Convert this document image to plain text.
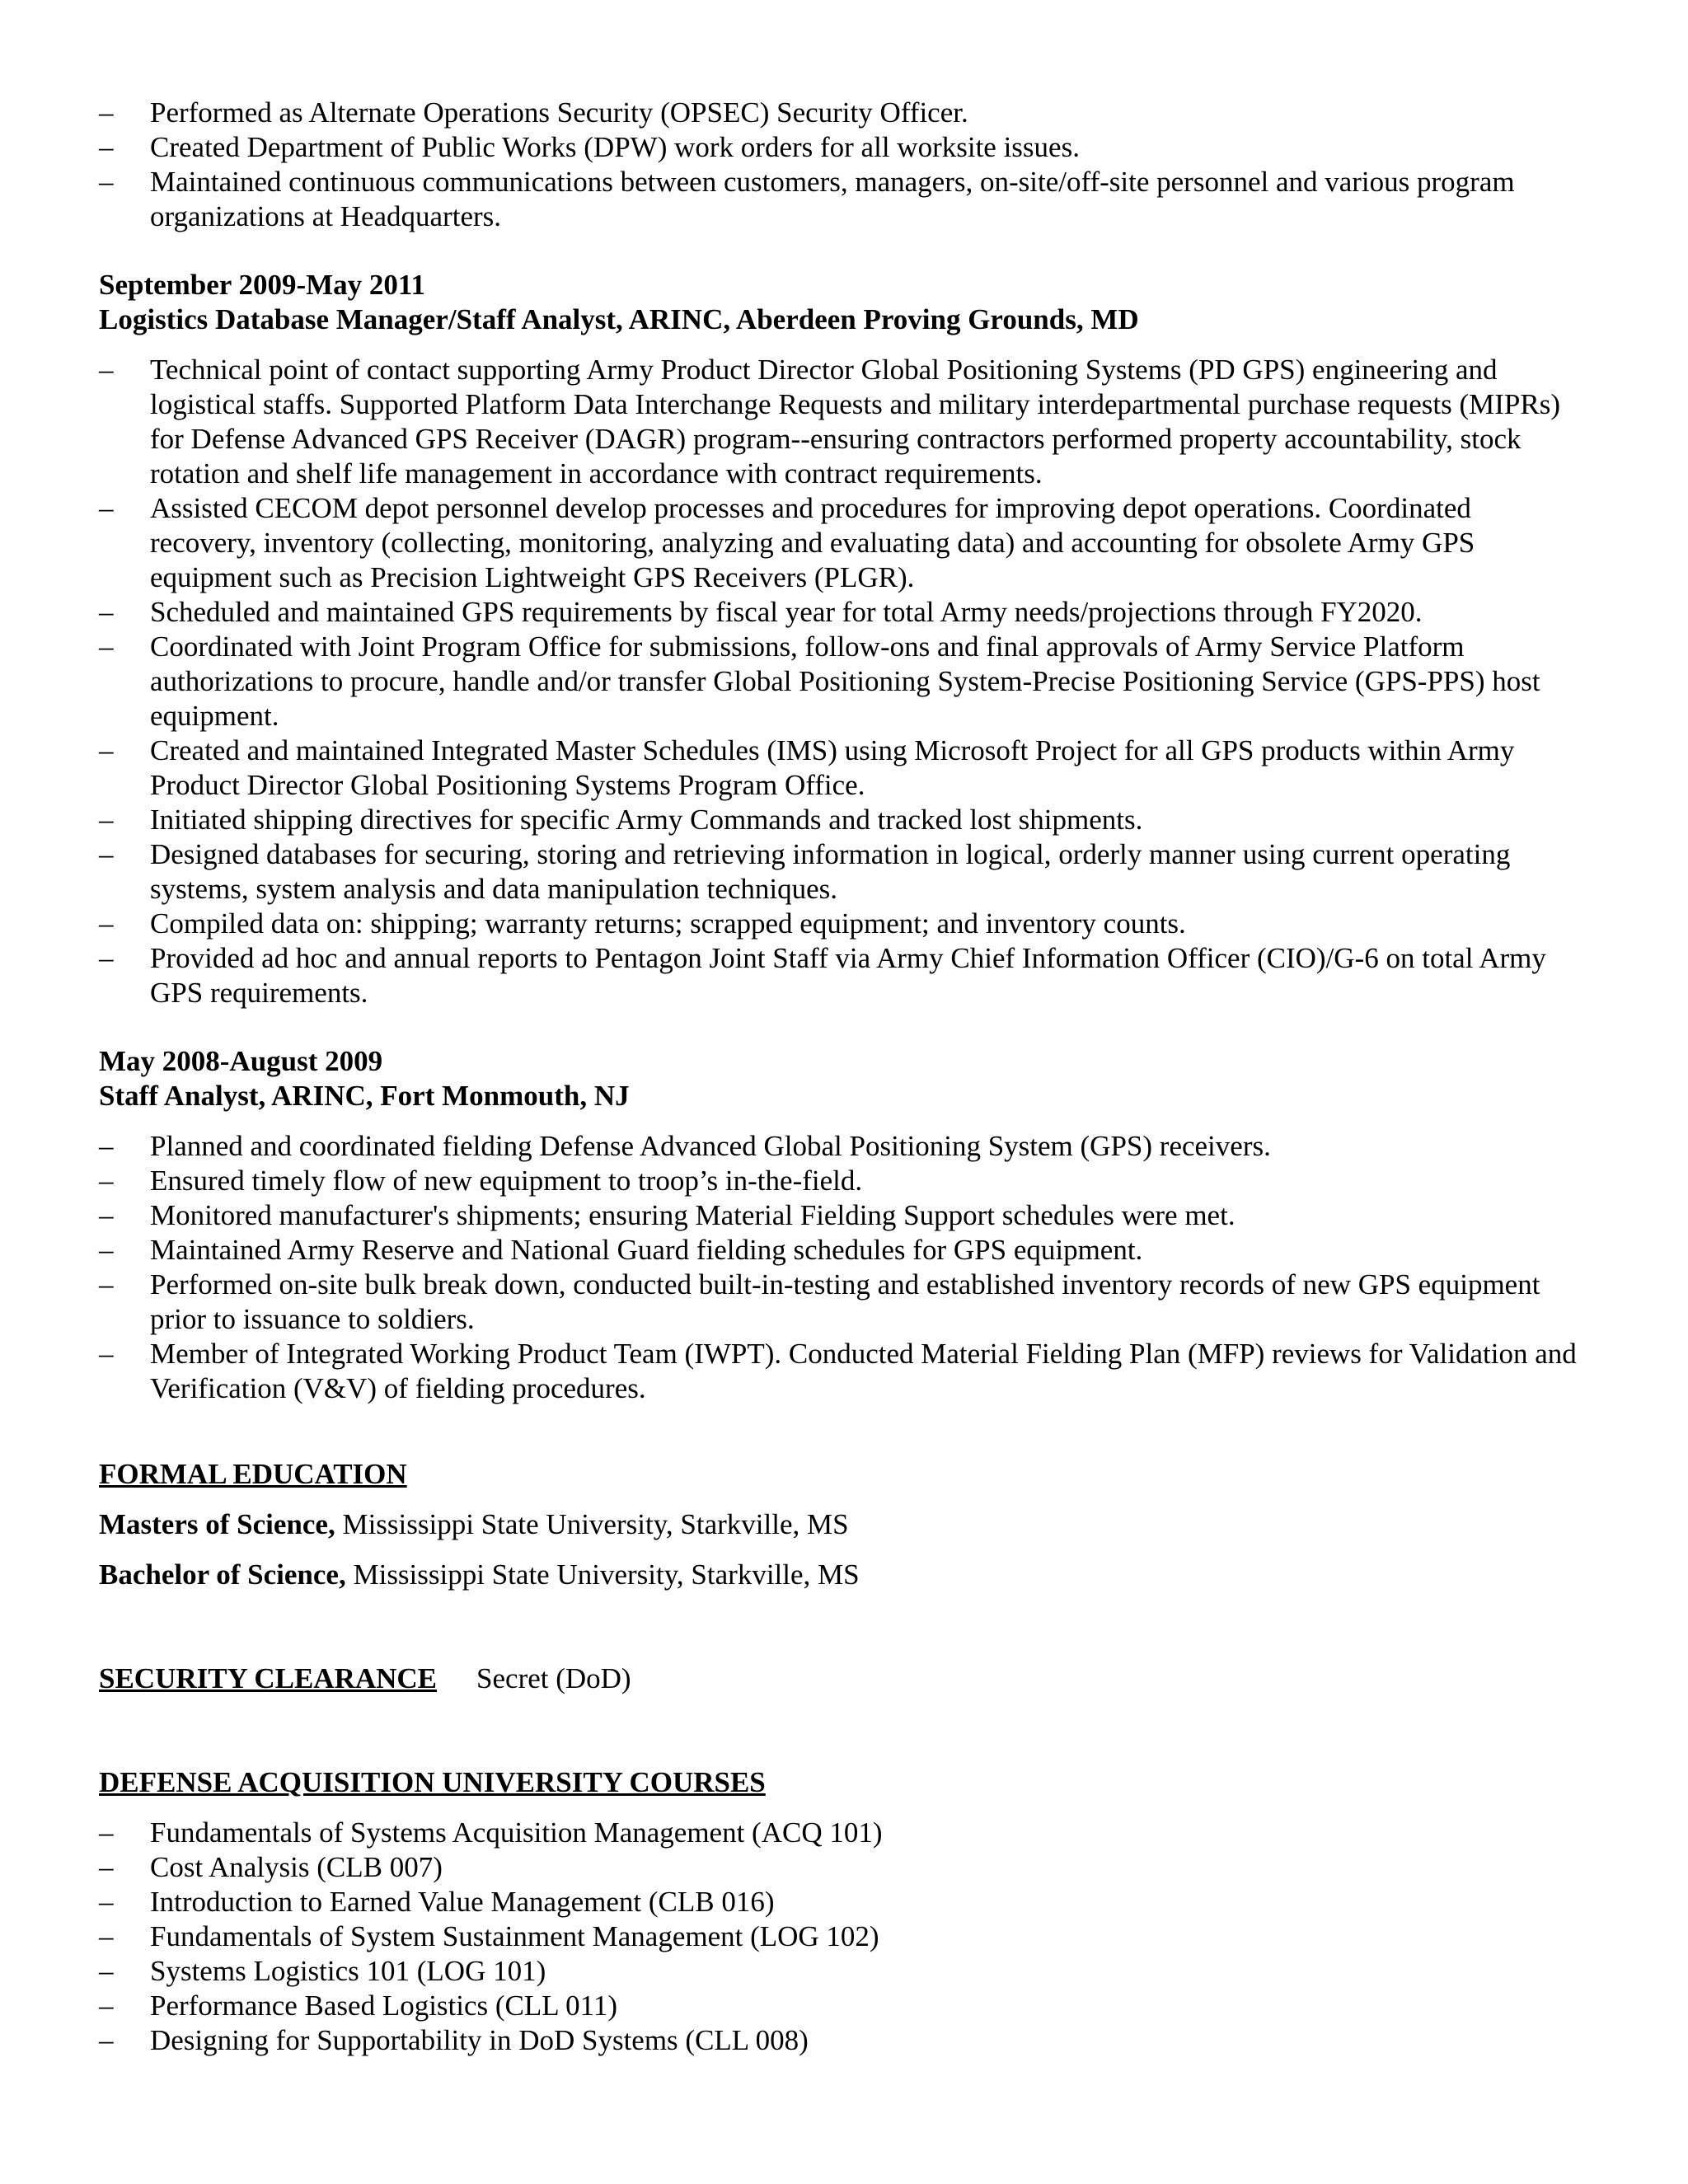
– Performed as Alternate Operations Security (OPSEC) Security Officer.
– Created Department of Public Works (DPW) work orders for all worksite issues.
– Maintained continuous communications between customers, managers, on-site/off-site personnel and various program organizations at Headquarters.
September 2009-May 2011
Logistics Database Manager/Staff Analyst, ARINC, Aberdeen Proving Grounds, MD
– Technical point of contact supporting Army Product Director Global Positioning Systems (PD GPS) engineering and logistical staffs. Supported Platform Data Interchange Requests and military interdepartmental purchase requests (MIPRs) for Defense Advanced GPS Receiver (DAGR) program--ensuring contractors performed property accountability, stock rotation and shelf life management in accordance with contract requirements.
– Assisted CECOM depot personnel develop processes and procedures for improving depot operations. Coordinated recovery, inventory (collecting, monitoring, analyzing and evaluating data) and accounting for obsolete Army GPS equipment such as Precision Lightweight GPS Receivers (PLGR).
– Scheduled and maintained GPS requirements by fiscal year for total Army needs/projections through FY2020.
– Coordinated with Joint Program Office for submissions, follow-ons and final approvals of Army Service Platform authorizations to procure, handle and/or transfer Global Positioning System-Precise Positioning Service (GPS-PPS) host equipment.
– Created and maintained Integrated Master Schedules (IMS) using Microsoft Project for all GPS products within Army Product Director Global Positioning Systems Program Office.
– Initiated shipping directives for specific Army Commands and tracked lost shipments.
– Designed databases for securing, storing and retrieving information in logical, orderly manner using current operating systems, system analysis and data manipulation techniques.
– Compiled data on: shipping; warranty returns; scrapped equipment; and inventory counts.
– Provided ad hoc and annual reports to Pentagon Joint Staff via Army Chief Information Officer (CIO)/G-6 on total Army GPS requirements.
May 2008-August 2009
Staff Analyst, ARINC, Fort Monmouth, NJ
– Planned and coordinated fielding Defense Advanced Global Positioning System (GPS) receivers.
– Ensured timely flow of new equipment to troop’s in-the-field.
– Monitored manufacturer's shipments; ensuring Material Fielding Support schedules were met.
– Maintained Army Reserve and National Guard fielding schedules for GPS equipment.
– Performed on-site bulk break down, conducted built-in-testing and established inventory records of new GPS equipment prior to issuance to soldiers.
– Member of Integrated Working Product Team (IWPT). Conducted Material Fielding Plan (MFP) reviews for Validation and Verification (V&V) of fielding procedures.
FORMAL EDUCATION
Masters of Science, Mississippi State University, Starkville, MS
Bachelor of Science, Mississippi State University, Starkville, MS
SECURITY CLEARANCE Secret (DoD)
DEFENSE ACQUISITION UNIVERSITY COURSES
– Fundamentals of Systems Acquisition Management (ACQ 101)
– Cost Analysis (CLB 007)
– Introduction to Earned Value Management (CLB 016)
– Fundamentals of System Sustainment Management (LOG 102)
– Systems Logistics 101 (LOG 101)
– Performance Based Logistics (CLL 011)
– Designing for Supportability in DoD Systems (CLL 008)
